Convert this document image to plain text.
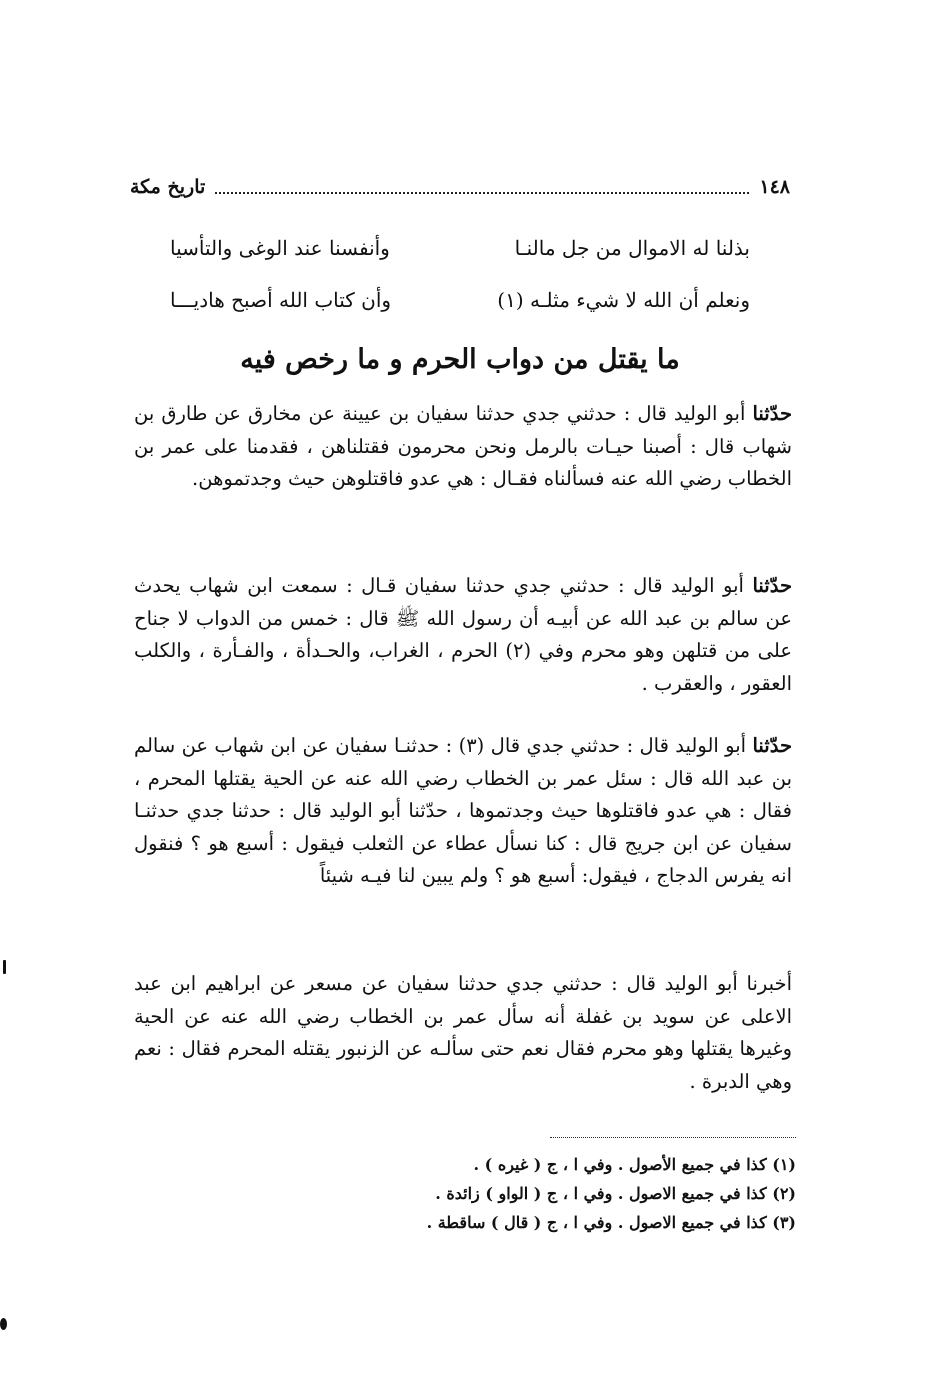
١٤٨
تاريخ مكة
بذلنا له الاموال من جل مالنـا
وأنفسنا عند الوغى والتأسيا
ونعلم أن الله لا شيء مثلـه (١)
وأن كتاب الله أصبح هاديـــا
ما يقتل من دواب الحرم و ما رخص فيه
حدّثنا أبو الوليد قال : حدثني جدي حدثنا سفيان بن عيينة عن مخارق عن طارق بن شهاب قال : أصبنا حيـات بالرمل ونحن محرمون فقتلناهن ، فقدمنا على عمر بن الخطاب رضي الله عنه فسألناه فقـال : هي عدو فاقتلوهن حيث وجدتموهن.
حدّثنا أبو الوليد قال : حدثني جدي حدثنا سفيان قـال : سمعت ابن شهاب يحدث عن سالم بن عبد الله عن أبيـه أن رسول الله ﷺ قال : خمس من الدواب لا جناح على من قتلهن وهو محرم وفي (٢) الحرم ، الغراب، والحـدأة ، والفـأرة ، والكلب العقور ، والعقرب .
حدّثنا أبو الوليد قال : حدثني جدي قال (٣) : حدثنـا سفيان عن ابن شهاب عن سالم بن عبد الله قال : سئل عمر بن الخطاب رضي الله عنه عن الحية يقتلها المحرم ، فقال : هي عدو فاقتلوها حيث وجدتموها ، حدّثنا أبو الوليد قال : حدثنا جدي حدثنـا سفيان عن ابن جريج قال : كنا نسأل عطاء عن الثعلب فيقول : أسبع هو ؟ فنقول انه يفرس الدجاج ، فيقول: أسبع هو ؟ ولم يبين لنا فيـه شيئاً
أخبرنا أبو الوليد قال : حدثني جدي حدثنا سفيان عن مسعر عن ابراهيم ابن عبد الاعلى عن سويد بن غفلة أنه سأل عمر بن الخطاب رضي الله عنه عن الحية وغيرها يقتلها وهو محرم فقال نعم حتى سألـه عن الزنبور يقتله المحرم فقال : نعم وهي الدبرة .
(١) كذا في جميع الأصول . وفي ا ، ج ( غيره ) .
(٢) كذا في جميع الاصول . وفي ا ، ج ( الواو ) زائدة .
(٣) كذا في جميع الاصول . وفي ا ، ج ( قال ) ساقطة .
